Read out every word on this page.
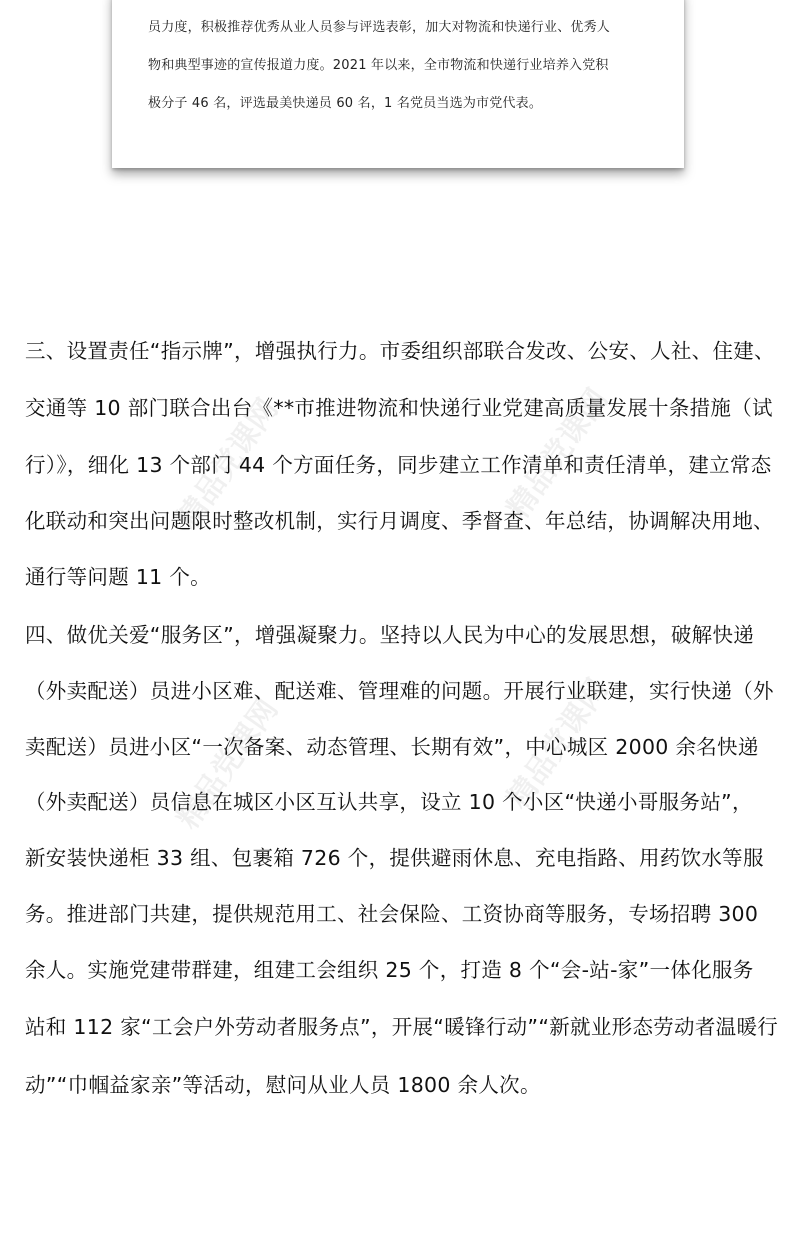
精品党课网	精品党课网
精品党课网	精品党课网
员力度，积极推荐优秀从业人员参与评选表彰，加大对物流和快递行业、优秀人
物和典型事迹的宣传报道力度。2021 年以来，全市物流和快递行业培养入党积
极分子 46 名，评选最美快递员 60 名，1 名党员当选为市党代表。
三、设置责任“指示牌”，增强执行力。市委组织部联合发改、公安、人社、住建、
交通等 10 部门联合出台《**市推进物流和快递行业党建高质量发展十条措施（试
行）》，细化 13 个部门 44 个方面任务，同步建立工作清单和责任清单，建立常态
化联动和突出问题限时整改机制，实行月调度、季督查、年总结，协调解决用地、
通行等问题 11 个。
四、做优关爱“服务区”，增强凝聚力。坚持以人民为中心的发展思想，破解快递
（外卖配送）员进小区难、配送难、管理难的问题。开展行业联建，实行快递（外
卖配送）员进小区“一次备案、动态管理、长期有效”，中心城区 2000 余名快递
（外卖配送）员信息在城区小区互认共享，设立 10 个小区“快递小哥服务站”，
新安装快递柜 33 组、包裹箱 726 个，提供避雨休息、充电指路、用药饮水等服
务。推进部门共建，提供规范用工、社会保险、工资协商等服务，专场招聘 300
余人。实施党建带群建，组建工会组织 25 个，打造 8 个“会-站-家”一体化服务
站和 112 家“工会户外劳动者服务点”，开展“暖锋行动”“新就业形态劳动者温暖行
动”“巾帼益家亲”等活动，慰问从业人员 1800 余人次。
